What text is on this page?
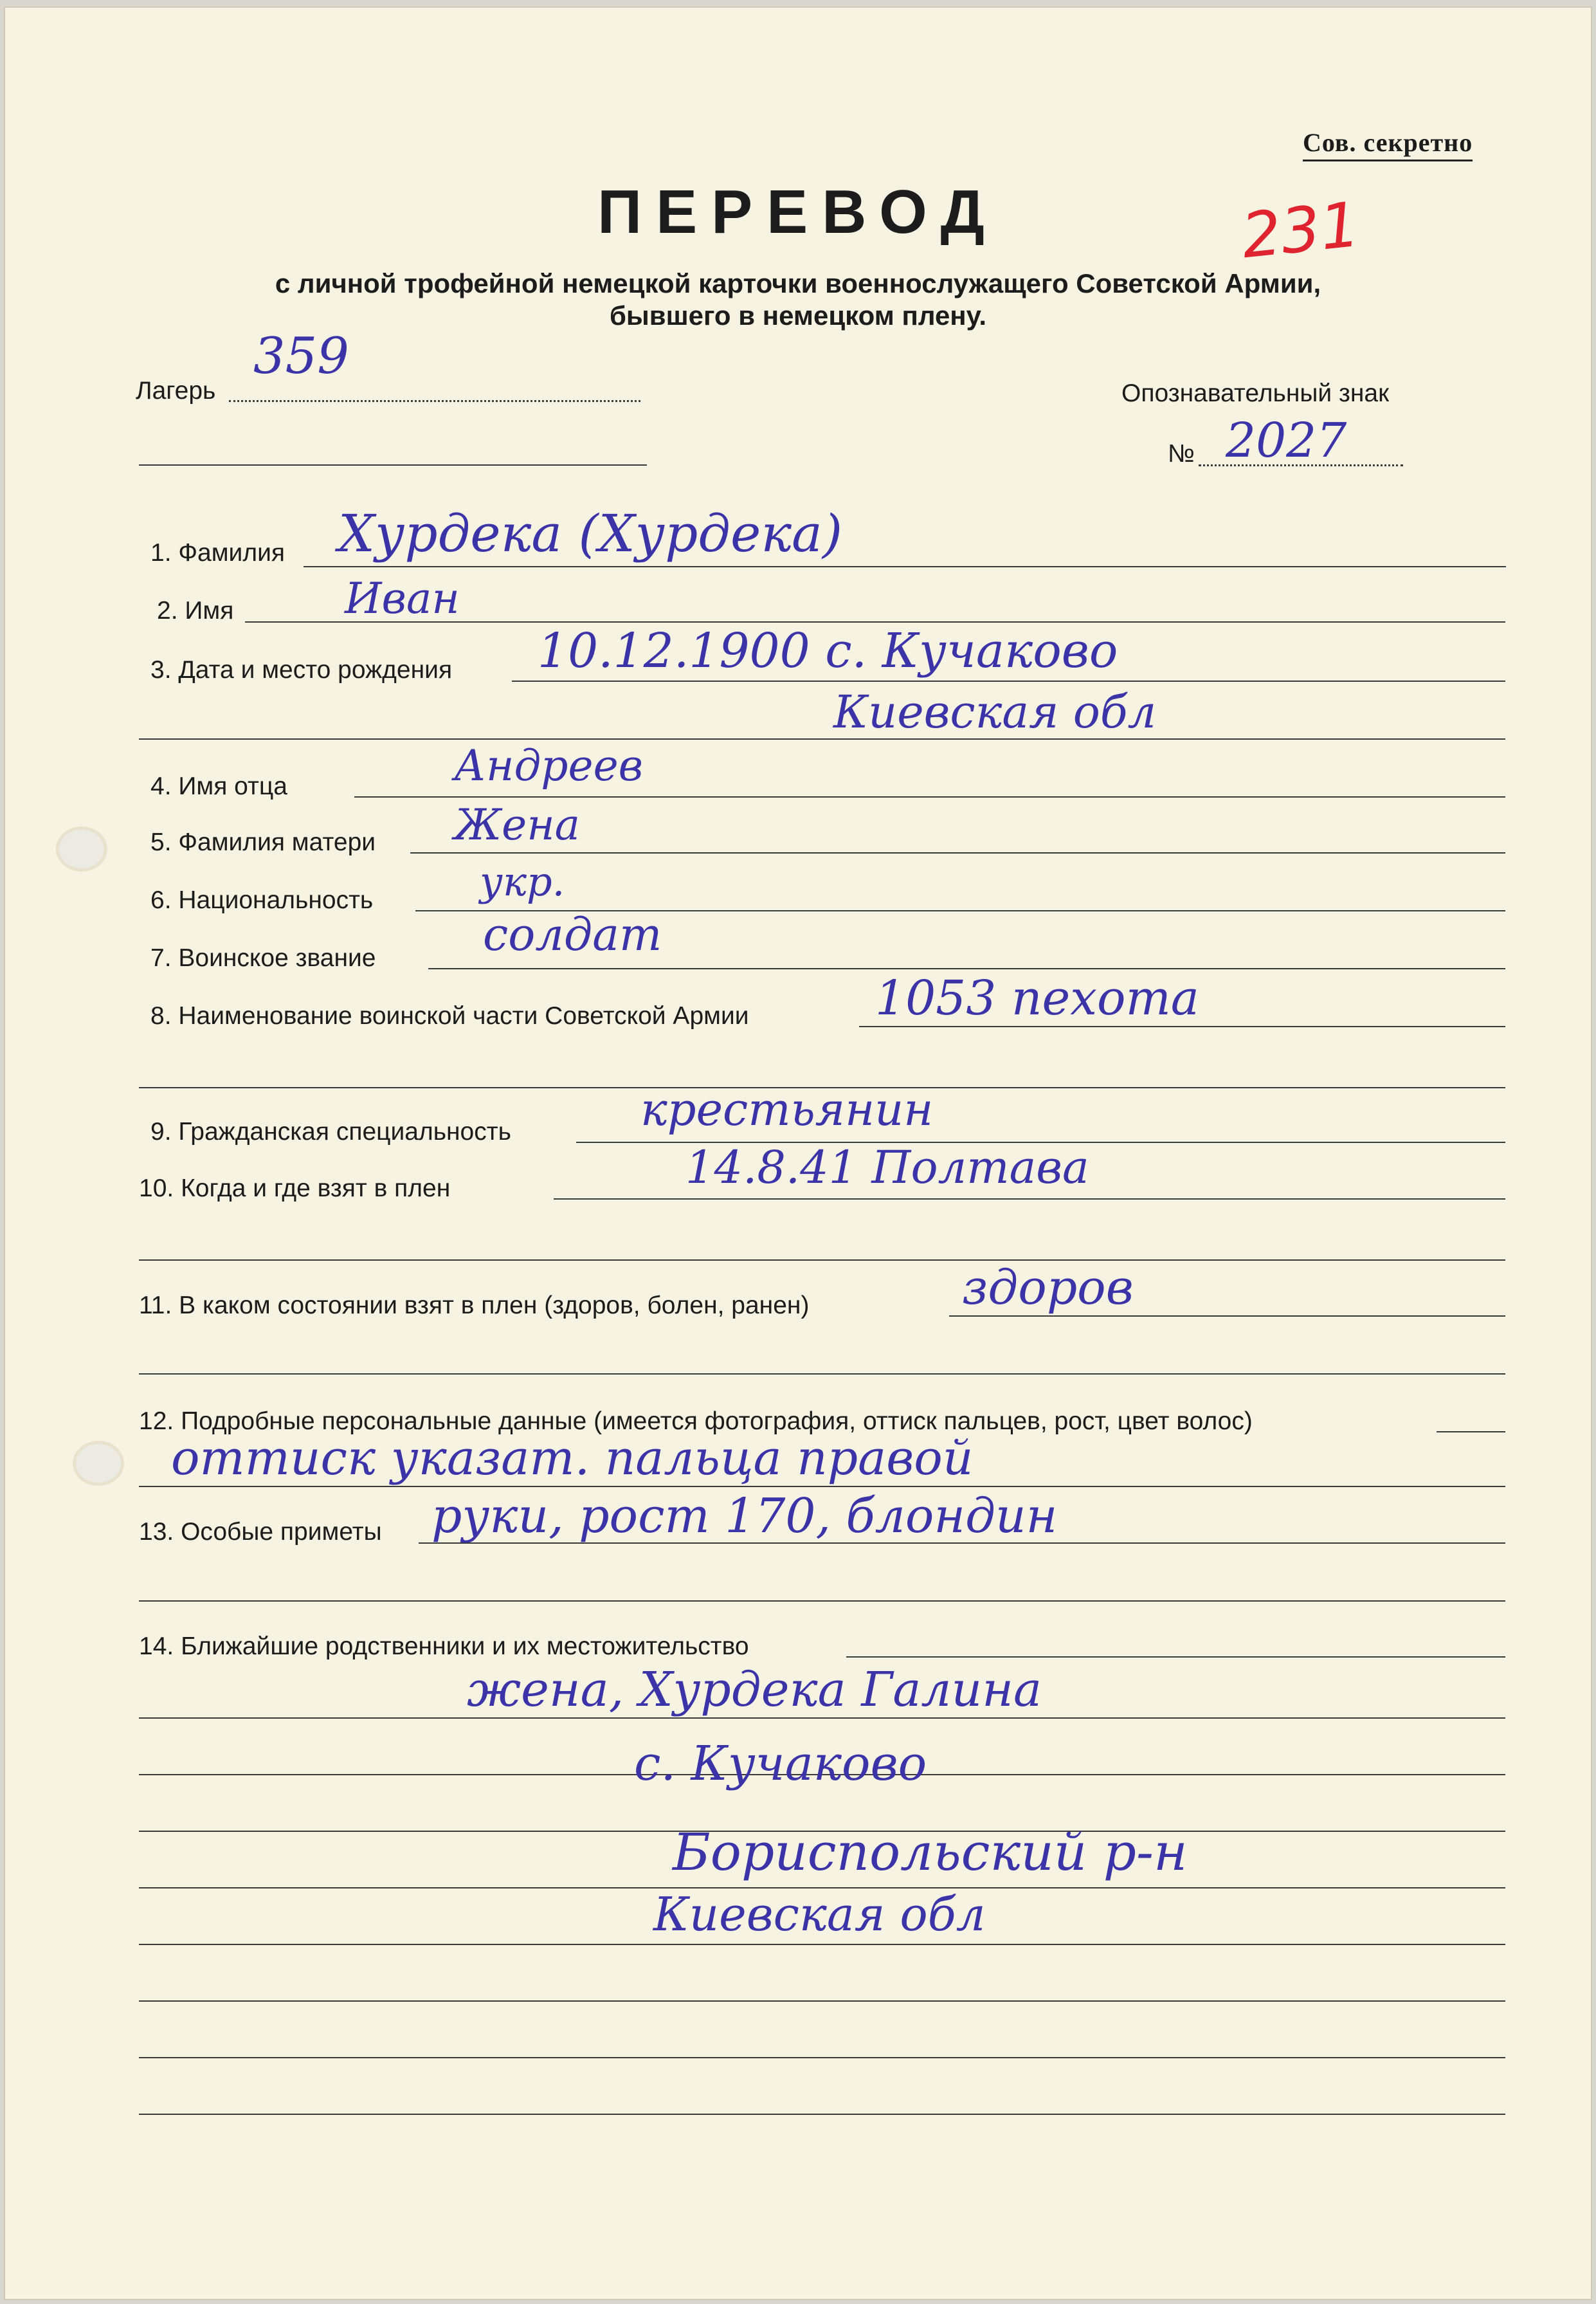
Сов. секретно
231
ПЕРЕВОД
с личной трофейной немецкой карточки военнослужащего Советской Армии,
бывшего в немецком плену.
Лагерь
359
Опознавательный знак
№ 2027
1. Фамилия Хурдека (Хурдека)
2. Имя	Иван
3. Дата и место рождения 10.12.1900 с. Кучаково
Киевская обл
4. Имя отца	Андреев
5. Фамилия матери Жена
6. Национальность	укр.
7. Воинское звание солдат
8. Наименование воинской части Советской Армии	1053 пехота
9. Гражданская специальность	крестьянин
10. Когда и где взят в плен	14.8.41 Полтава
11. В каком состоянии взят в плен (здоров, болен, ранен)	здоров
12. Подробные персональные данные (имеется фотография, оттиск пальцев, рост, цвет волос)
оттиск указат. пальца правой
13. Особые приметы руки, рост 170, блондин
14. Ближайшие родственники и их местожительство
жена, Хурдека Галина
с. Кучаково
Бориспольский р-н
Киевская обл
